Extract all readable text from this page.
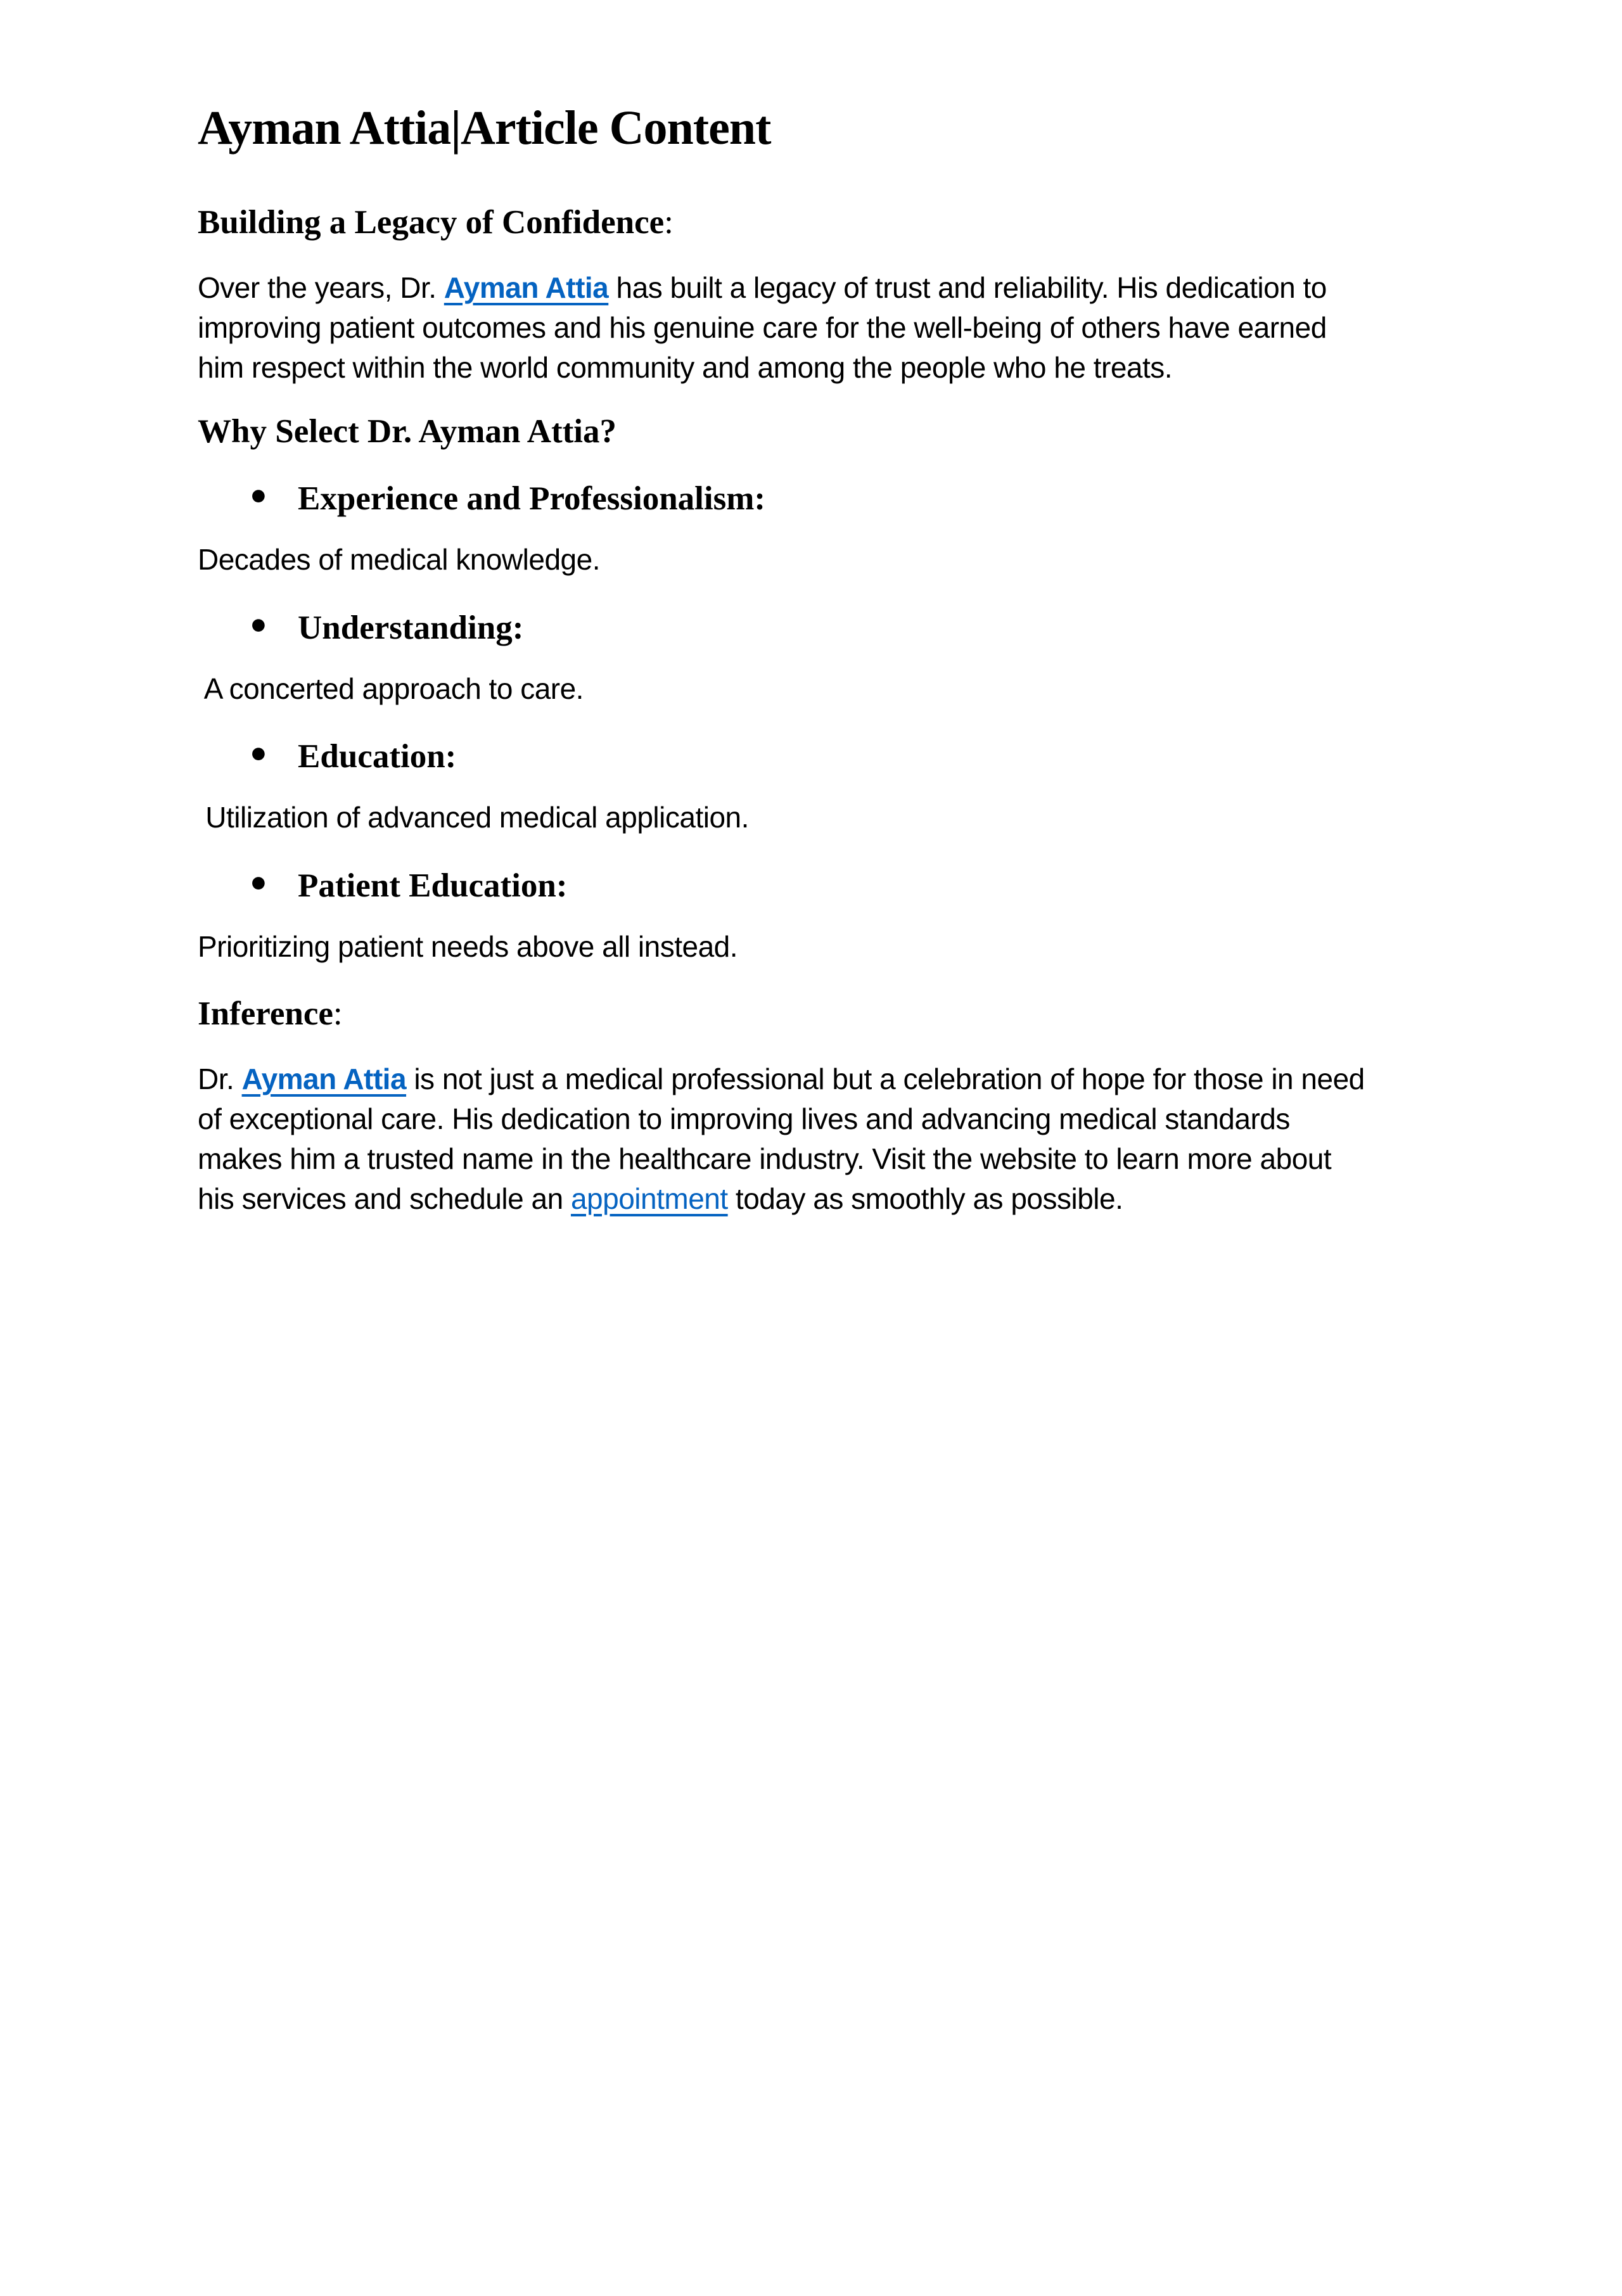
Ayman Attia|Article Content
Building a Legacy of Confidence:
Over the years, Dr. Ayman Attia has built a legacy of trust and reliability. His dedication to
improving patient outcomes and his genuine care for the well-being of others have earned
him respect within the world community and among the people who he treats.
Why Select Dr. Ayman Attia?
• Experience and Professionalism:
Decades of medical knowledge.
• Understanding:
A concerted approach to care.
• Education:
Utilization of advanced medical application.
• Patient Education:
Prioritizing patient needs above all instead.
Inference:
Dr. Ayman Attia is not just a medical professional but a celebration of hope for those in need
of exceptional care. His dedication to improving lives and advancing medical standards
makes him a trusted name in the healthcare industry. Visit the website to learn more about
his services and schedule an appointment today as smoothly as possible.
